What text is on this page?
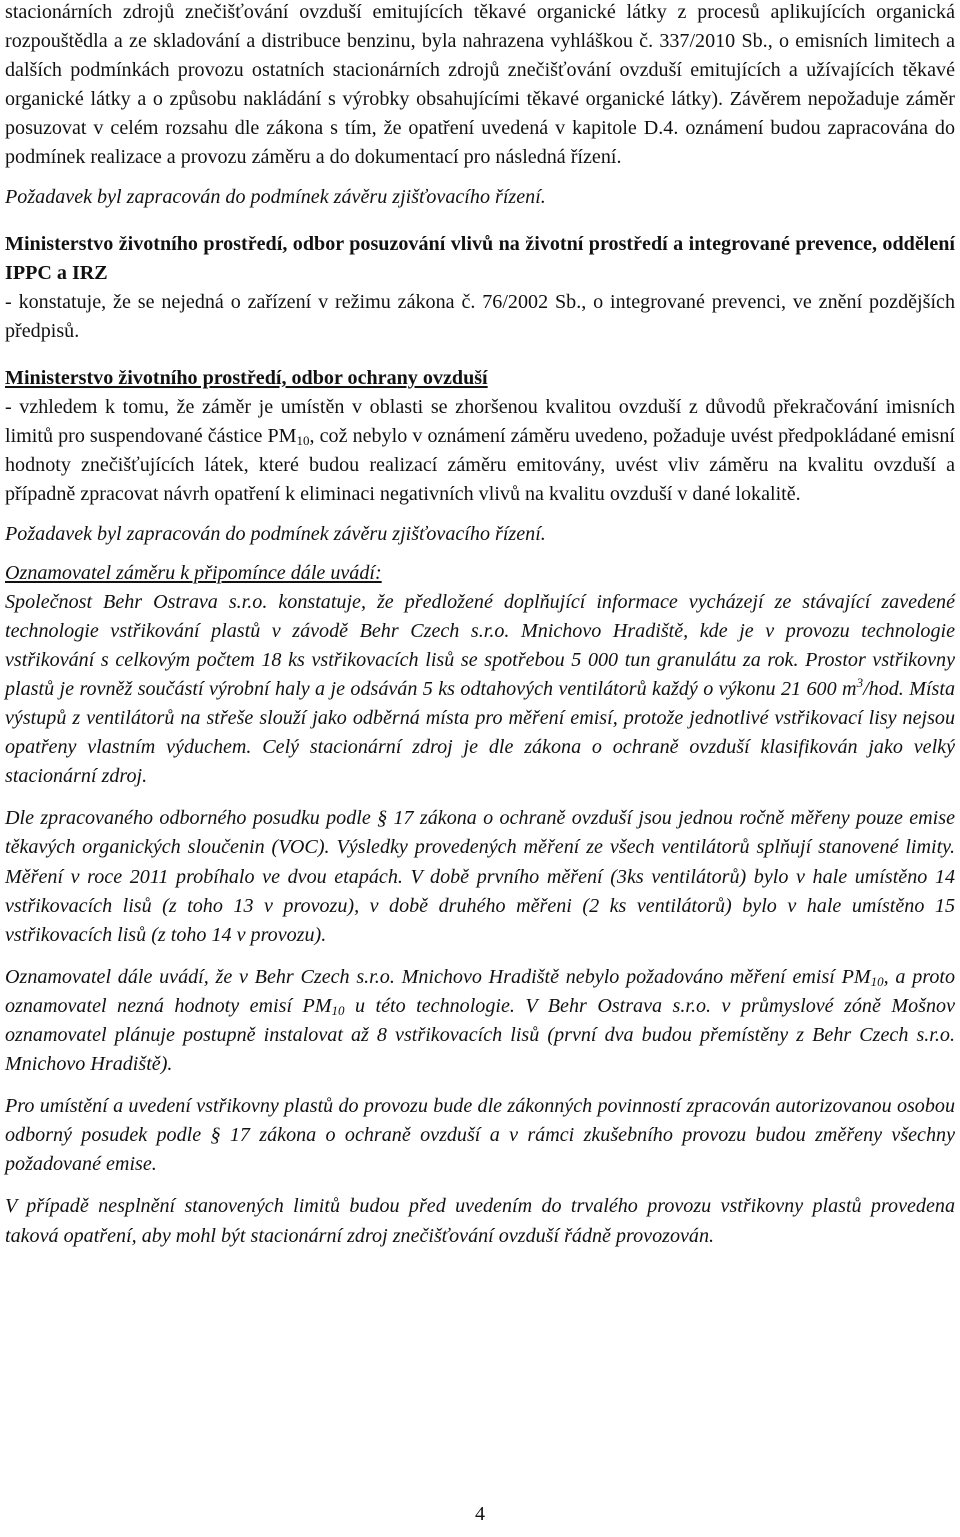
stacionárních zdrojů znečišťování ovzduší emitujících těkavé organické látky z procesů aplikujících organická rozpouštědla a ze skladování a distribuce benzinu, byla nahrazena vyhláškou č. 337/2010 Sb., o emisních limitech a dalších podmínkách provozu ostatních stacionárních zdrojů znečišťování ovzduší emitujících a užívajících těkavé organické látky a o způsobu nakládání s výrobky obsahujícími těkavé organické látky). Závěrem nepožaduje záměr posuzovat v celém rozsahu dle zákona s tím, že opatření uvedená v kapitole D.4. oznámení budou zapracována do podmínek realizace a provozu záměru a do dokumentací pro následná řízení.

Požadavek byl zapracován do podmínek závěru zjišťovacího řízení.

Ministerstvo životního prostředí, odbor posuzování vlivů na životní prostředí a integrované prevence, oddělení IPPC a IRZ
- konstatuje, že se nejedná o zařízení v režimu zákona č. 76/2002 Sb., o integrované prevenci, ve znění pozdějších předpisů.

Ministerstvo životního prostředí, odbor ochrany ovzduší
- vzhledem k tomu, že záměr je umístěn v oblasti se zhoršenou kvalitou ovzduší z důvodů překračování imisních limitů pro suspendované částice $PM_{10}$, což nebylo v oznámení záměru uvedeno, požaduje uvést předpokládané emisní hodnoty znečišťujících látek, které budou realizací záměru emitovány, uvést vliv záměru na kvalitu ovzduší a případně zpracovat návrh opatření k eliminaci negativních vlivů na kvalitu ovzduší v dané lokalitě.

Požadavek byl zapracován do podmínek závěru zjišťovacího řízení.

Oznamovatel záměru k připomínce dále uvádí:
Společnost Behr Ostrava s.r.o. konstatuje, že předložené doplňující informace vycházejí ze stávající zavedené technologie vstřikování plastů v závodě Behr Czech s.r.o. Mnichovo Hradiště, kde je v provozu technologie vstřikování s celkovým počtem 18 ks vstřikovacích lisů se spotřebou 5 000 tun granulátu za rok. Prostor vstřikovny plastů je rovněž součástí výrobní haly a je odsáván 5 ks odtahových ventilátorů každý o výkonu 21 600 $m^3$/hod. Místa výstupů z ventilátorů na střeše slouží jako odběrná místa pro měření emisí, protože jednotlivé vstřikovací lisy nejsou opatřeny vlastním výduchem. Celý stacionární zdroj je dle zákona o ochraně ovzduší klasifikován jako velký stacionární zdroj.

Dle zpracovaného odborného posudku podle § 17 zákona o ochraně ovzduší jsou jednou ročně měřeny pouze emise těkavých organických sloučenin (VOC). Výsledky provedených měření ze všech ventilátorů splňují stanovené limity. Měření v roce 2011 probíhalo ve dvou etapách. V době prvního měření (3ks ventilátorů) bylo v hale umístěno 14 vstřikovacích lisů (z toho 13 v provozu), v době druhého měřeni (2 ks ventilátorů) bylo v hale umístěno 15 vstřikovacích lisů (z toho 14 v provozu).

Oznamovatel dále uvádí, že v Behr Czech s.r.o. Mnichovo Hradiště nebylo požadováno měření emisí $PM_{10}$, a proto oznamovatel nezná hodnoty emisí $PM_{10}$ u této technologie. V Behr Ostrava s.r.o. v průmyslové zóně Mošnov oznamovatel plánuje postupně instalovat až 8 vstřikovacích lisů (první dva budou přemístěny z Behr Czech s.r.o. Mnichovo Hradiště).

Pro umístění a uvedení vstřikovny plastů do provozu bude dle zákonných povinností zpracován autorizovanou osobou odborný posudek podle § 17 zákona o ochraně ovzduší a v rámci zkušebního provozu budou změřeny všechny požadované emise.

V případě nesplnění stanovených limitů budou před uvedením do trvalého provozu vstřikovny plastů provedena taková opatření, aby mohl být stacionární zdroj znečišťování ovzduší řádně provozován.

4
